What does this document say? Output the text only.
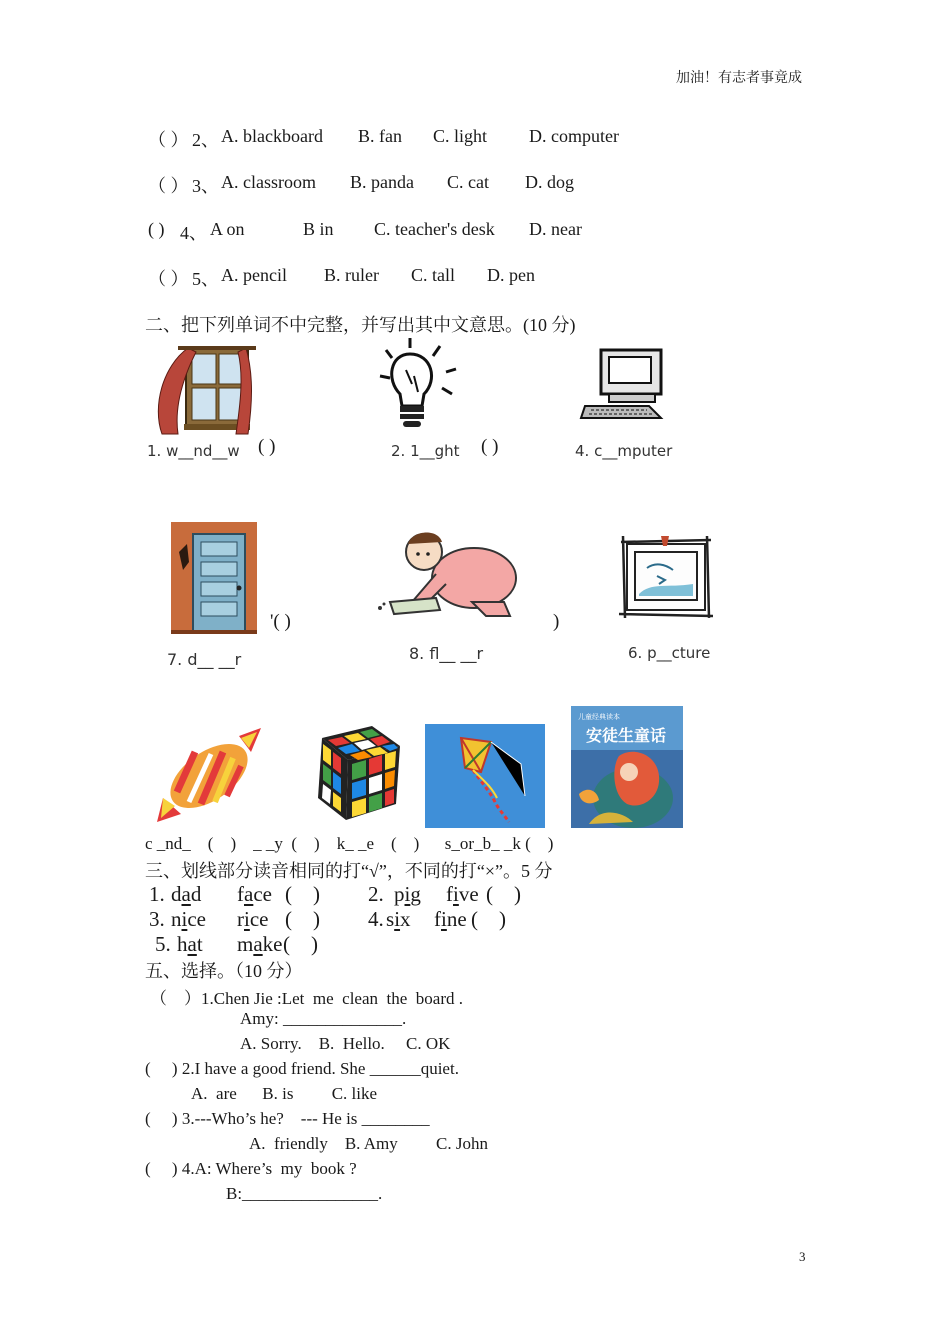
加油！有志者事竟成
（ ） 2、 A. blackboard B. fan C. light D. computer
（ ） 3、 A. classroom B. panda C. cat D. dog
( ) 4、 A on	B in C. teacher's desk D. near
（ ） 5、 A. pencil B. ruler C. tall D. pen
二、把下列单词不中完整，并写出其中文意思。(10 分)
1. w__nd__w ( )	2. 1__ght ( )	4. c__mputer
7. d__ __r
'( )
8. fl__ __r
)
6. p__cture
儿童经典读本
安徒生童话
c _nd_    (    )    _ _y  (    )    k_ _e    (    )      s_or_b_ _k (    )
三、划线部分读音相同的打“√”，不同的打“×”。5 分
1. dad face (    ) 2. pig five (    )
3. nice rice (    ) 4. six fine (    )
5. hat make (    )
五、选择。（10 分）
（    ）1.Chen Jie :Let  me  clean  the  board .
Amy: ______________.
A. Sorry.    B.  Hello.     C. OK
(     ) 2.I have a good friend. She ______quiet.
A.  are      B. is         C. like
(     ) 3.---Who’s he?    --- He is ________
A.  friendly    B. Amy         C. John
(     ) 4.A: Where’s  my  book ?
B:________________.
3
